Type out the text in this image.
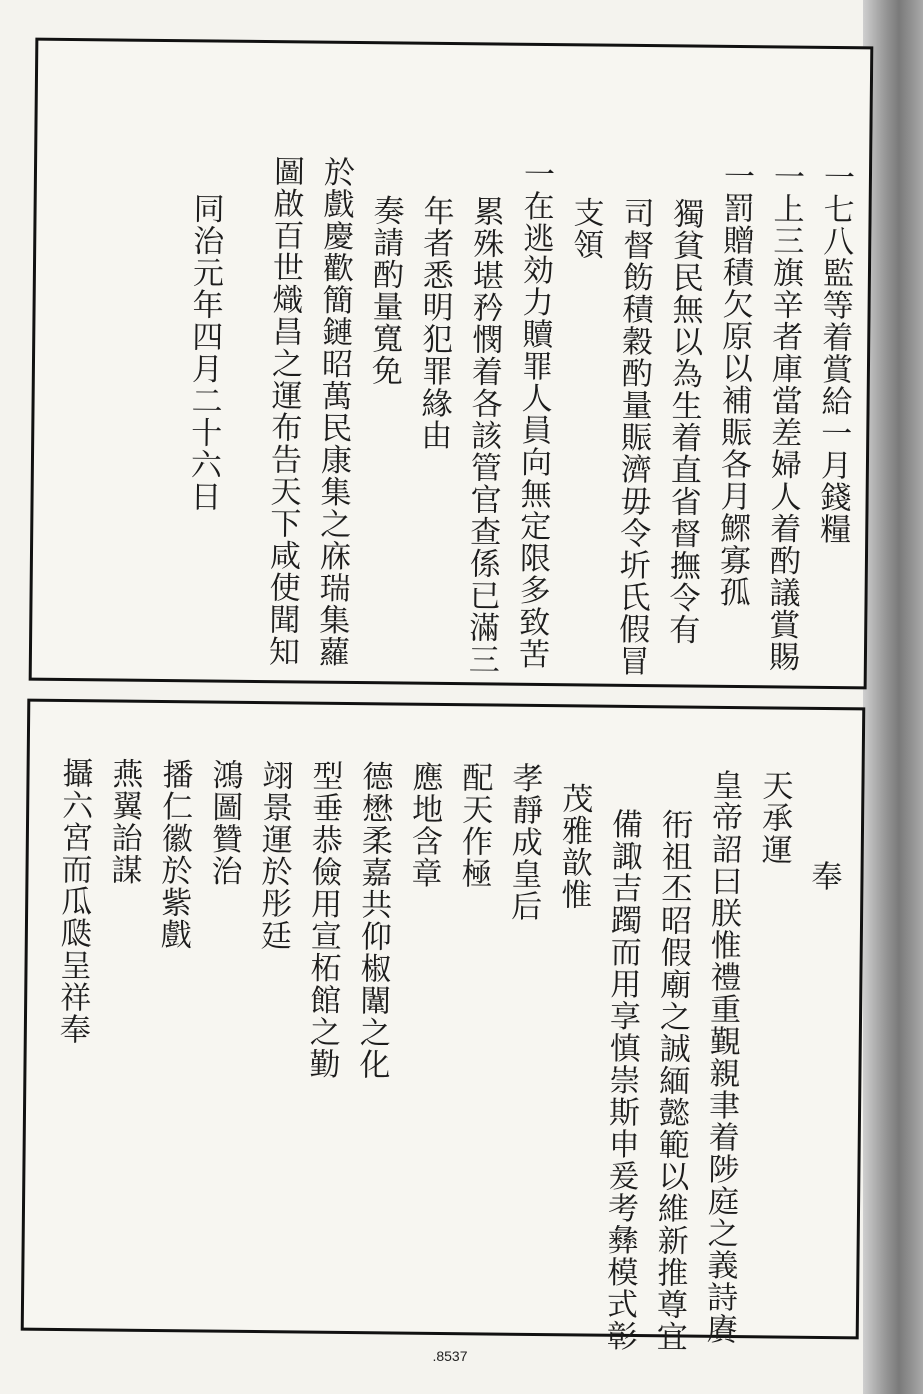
一七八監等着賞給一月錢糧
一上三旗辛者庫當差婦人着酌議賞賜
一罰贈積欠原以補賑各月鰥寡孤
獨貧民無以為生着直省督撫令有
司督飭積穀酌量賑濟毋令圻氏假冒
支領
一在逃効力贖罪人員向無定限多致苦
累殊堪矜憫着各該管官查係已滿三
年者悉明犯罪緣由
奏請酌量寬免
於戲慶歡簡鏈昭萬民康集之庥瑞集蘿
圖啟百世熾昌之運布告天下咸使聞知
同治元年四月二十六日
奉
天承運
皇帝詔曰朕惟禮重覲親聿着陟庭之義詩賡
衎祖丕昭假廟之誠緬懿範以維新推尊宜
備諏吉躅而用享慎崇斯申爰考彝模式彰
茂雅歆惟
孝靜成皇后
配天作極
應地含章
德懋柔嘉共仰椒闈之化
型垂恭儉用宣柘館之勤
翊景運於彤廷
鴻圖贊治
播仁徽於紫戲
燕翼詒謀
攝六宮而瓜瓞呈祥奉
.8537
